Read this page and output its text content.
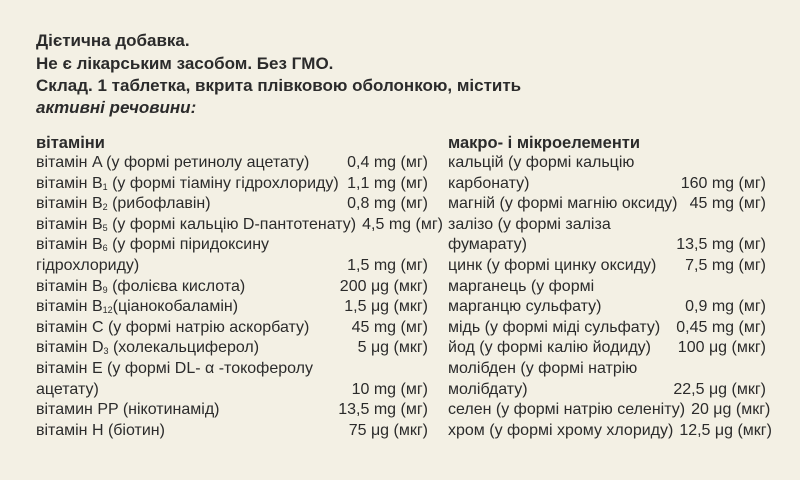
Дієтична добавка.
Не є лікарським засобом. Без ГМО.
Склад. 1 таблетка, вкрита плівковою оболонкою, містить
активні речовини:
вітаміни
вітамін A (у формі ретинолу ацетату)	0,4 mg (мг)
вітамін $B_1$ (у формі тіаміну гідрохлориду) 1,1 mg (мг)
вітамін $B_2$ (рибофлавін)	0,8 mg (мг)
вітамін $B_5$ (у формі кальцію D-пантотенату) 4,5 mg (мг)
вітамін $B_6$ (у формі піридоксину
гідрохлориду)	1,5 mg (мг)
вітамін $B_9$ (фолієва кислота)	200 μg (мкг)
вітамін $B_{12}(ціанокобаламін)$	1,5 μg (мкг)
вітамін C (у формі натрію аскорбату)	45 mg (мг)
вітамін $D_3$ (холекальциферол)	5 μg (мкг)
вітамін E (у формі DL- α -токоферолу
ацетату)	10 mg (мг)
вітамин PP (нікотинамід)	13,5 mg (мг)
вітамін H (біотин)	75 μg (мкг)
макро- і мікроелементи
кальцій (у формі кальцію
карбонату)	160 mg (мг)
магній (у формі магнію оксиду) 45 mg (мг)
залізо (у формі заліза
фумарату)	13,5 mg (мг)
цинк (у формі цинку оксиду)	7,5 mg (мг)
марганець (у формі
марганцю сульфату)	0,9 mg (мг)
мідь (у формі міді сульфату)	0,45 mg (мг)
йод (у формі калію йодиду)	100 μg (мкг)
молібден (у формі натрію
молібдату)	22,5 μg (мкг)
селен (у формі натрію селеніту) 20 μg (мкг)
хром (у формі хрому хлориду) 12,5 μg (мкг)
